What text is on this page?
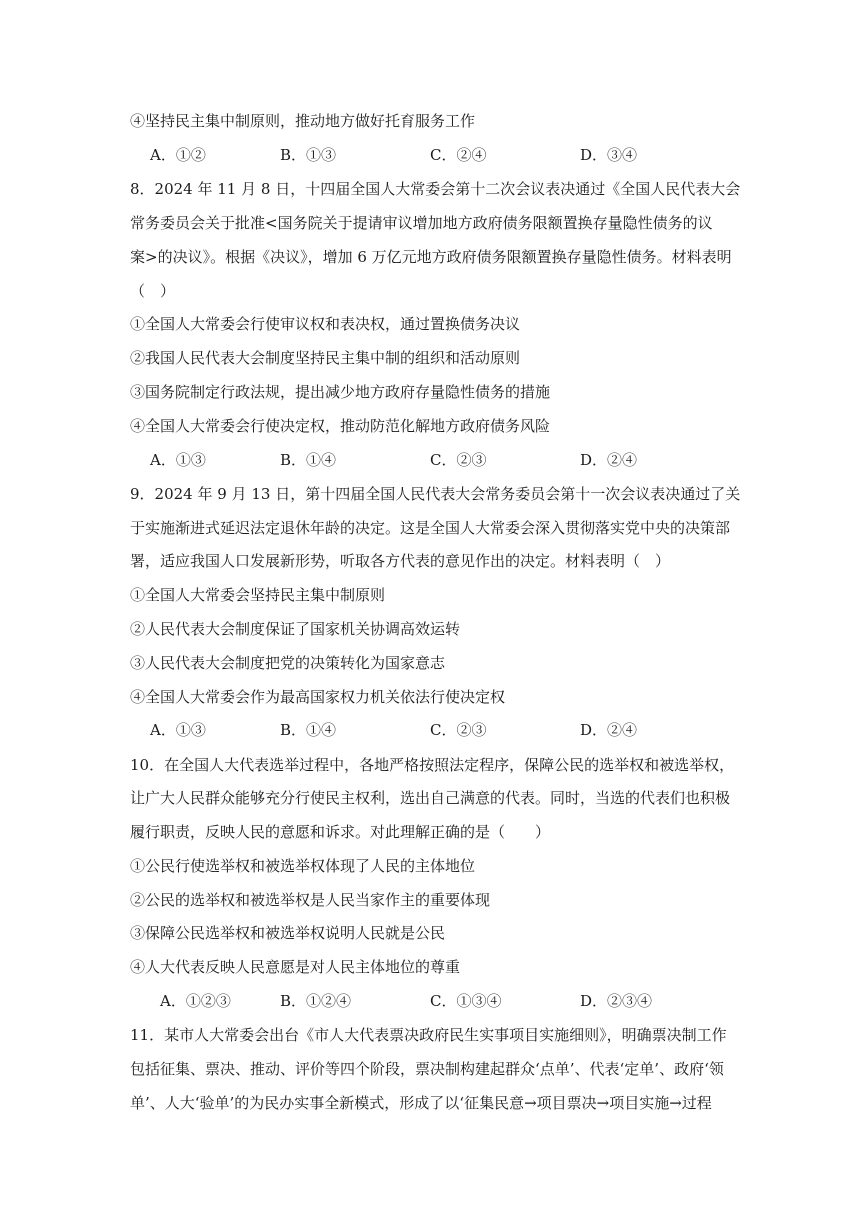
④坚持民主集中制原则，推动地方做好托育服务工作
A．①②	B．①③	C．②④	D．③④
8．2024 年 11 月 8 日，十四届全国人大常委会第十二次会议表决通过《全国人民代表大会
常务委员会关于批准<国务院关于提请审议增加地方政府债务限额置换存量隐性债务的议
案>的决议》。根据《决议》，增加 6 万亿元地方政府债务限额置换存量隐性债务。材料表明
（　）
①全国人大常委会行使审议权和表决权，通过置换债务决议
②我国人民代表大会制度坚持民主集中制的组织和活动原则
③国务院制定行政法规，提出减少地方政府存量隐性债务的措施
④全国人大常委会行使决定权，推动防范化解地方政府债务风险
A．①③	B．①④	C．②③	D．②④
9．2024 年 9 月 13 日，第十四届全国人民代表大会常务委员会第十一次会议表决通过了关
于实施渐进式延迟法定退休年龄的决定。这是全国人大常委会深入贯彻落实党中央的决策部
署，适应我国人口发展新形势，听取各方代表的意见作出的决定。材料表明（　）
①全国人大常委会坚持民主集中制原则
②人民代表大会制度保证了国家机关协调高效运转
③人民代表大会制度把党的决策转化为国家意志
④全国人大常委会作为最高国家权力机关依法行使决定权
A．①③	B．①④	C．②③	D．②④
10．在全国人大代表选举过程中，各地严格按照法定程序，保障公民的选举权和被选举权，
让广大人民群众能够充分行使民主权利，选出自己满意的代表。同时，当选的代表们也积极
履行职责，反映人民的意愿和诉求。对此理解正确的是（　　）
①公民行使选举权和被选举权体现了人民的主体地位
②公民的选举权和被选举权是人民当家作主的重要体现
③保障公民选举权和被选举权说明人民就是公民
④人大代表反映人民意愿是对人民主体地位的尊重
A．①②③	B．①②④	C．①③④	D．②③④
11．某市人大常委会出台《市人大代表票决政府民生实事项目实施细则》，明确票决制工作
包括征集、票决、推动、评价等四个阶段，票决制构建起群众‘点单’、代表‘定单’、政府‘领
单’、人大‘验单’的为民办实事全新模式，形成了以‘征集民意→项目票决→项目实施→过程
